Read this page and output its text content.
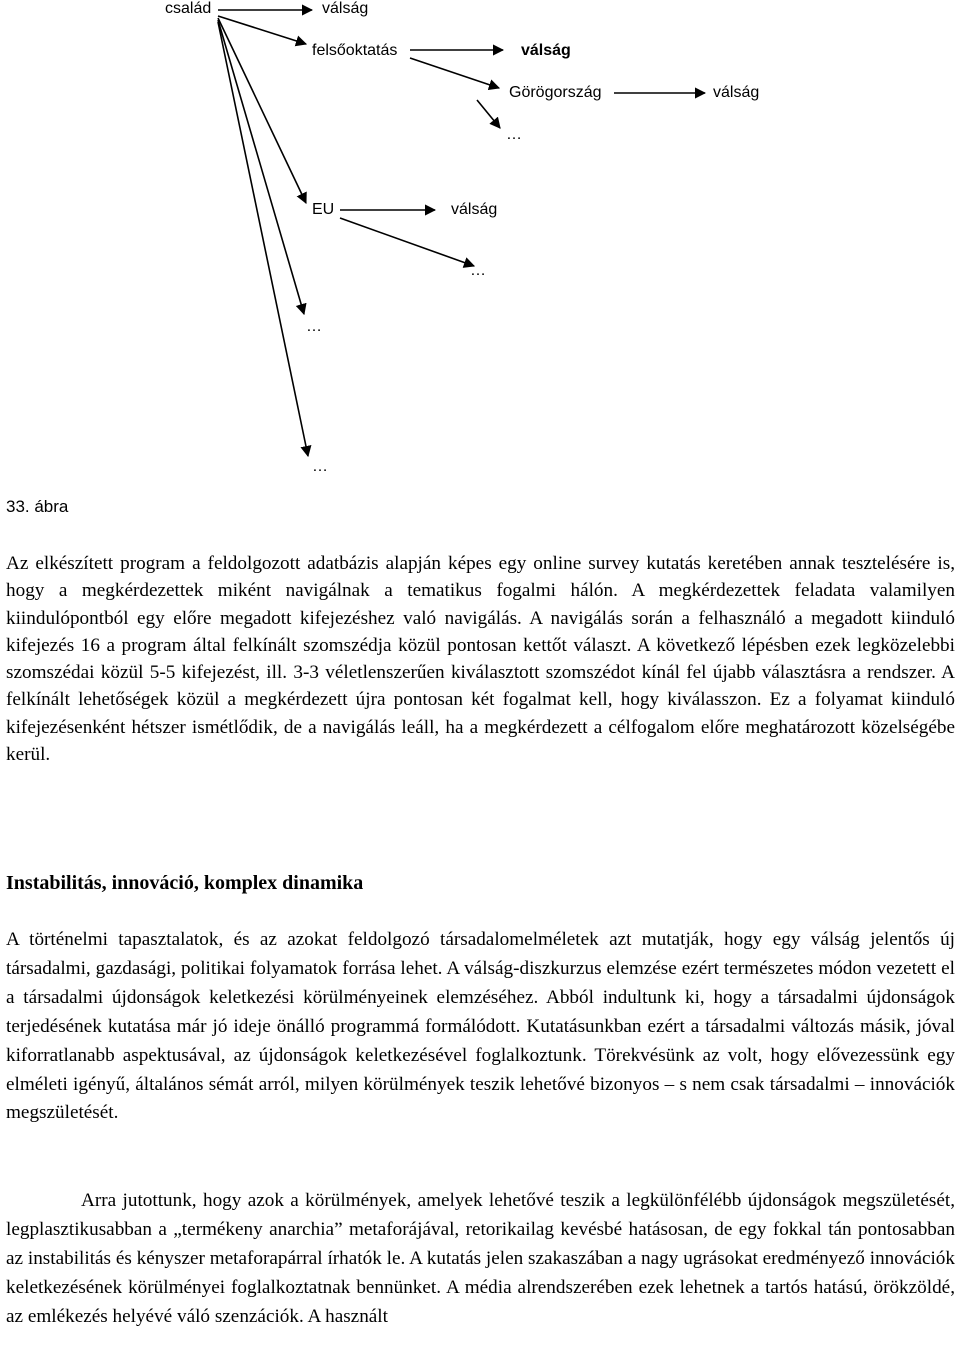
család	válság
felsőoktatás	válság
Görögország	válság
…
EU	válság
…
…
…
33. ábra

Az elkészített program a feldolgozott adatbázis alapján képes egy online survey kutatás keretében annak tesztelésére is, hogy a megkérdezettek miként navigálnak a tematikus fogalmi hálón. A megkérdezettek feladata valamilyen kiindulópontból egy előre megadott kifejezéshez való navigálás. A navigálás során a felhasználó a megadott kiinduló kifejezés 16 a program által felkínált szomszédja közül pontosan kettőt választ. A következő lépésben ezek legközelebbi szomszédai közül 5-5 kifejezést, ill. 3-3 véletlenszerűen kiválasztott szomszédot kínál fel újabb választásra a rendszer. A felkínált lehetőségek közül a megkérdezett újra pontosan két fogalmat kell, hogy kiválasszon. Ez a folyamat kiinduló kifejezésenként hétszer ismétlődik, de a navigálás leáll, ha a megkérdezett a célfogalom előre meghatározott közelségébe kerül.

Instabilitás, innováció, komplex dinamika

A történelmi tapasztalatok, és az azokat feldolgozó társadalomelméletek azt mutatják, hogy egy válság jelentős új társadalmi, gazdasági, politikai folyamatok forrása lehet. A válság-diszkurzus elemzése ezért természetes módon vezetett el a társadalmi újdonságok keletkezési körülményeinek elemzéséhez. Abból indultunk ki, hogy a társadalmi újdonságok terjedésének kutatása már jó ideje önálló programmá formálódott. Kutatásunkban ezért a társadalmi változás másik, jóval kiforratlanabb aspektusával, az újdonságok keletkezésével foglalkoztunk. Törekvésünk az volt, hogy elővezessünk egy elméleti igényű, általános sémát arról, milyen körülmények teszik lehetővé bizonyos – s nem csak társadalmi – innovációk megszületését.

Arra jutottunk, hogy azok a körülmények, amelyek lehetővé teszik a legkülönfélébb újdonságok megszületését, legplasztikusabban a „termékeny anarchia” metaforájával, retorikailag kevésbé hatásosan, de egy fokkal tán pontosabban az instabilitás és kényszer metaforapárral írhatók le. A kutatás jelen szakaszában a nagy ugrásokat eredményező innovációk keletkezésének körülményei foglalkoztatnak bennünket. A média alrendszerében ezek lehetnek a tartós hatású, örökzöldé, az emlékezés helyévé váló szenzációk. A használt
